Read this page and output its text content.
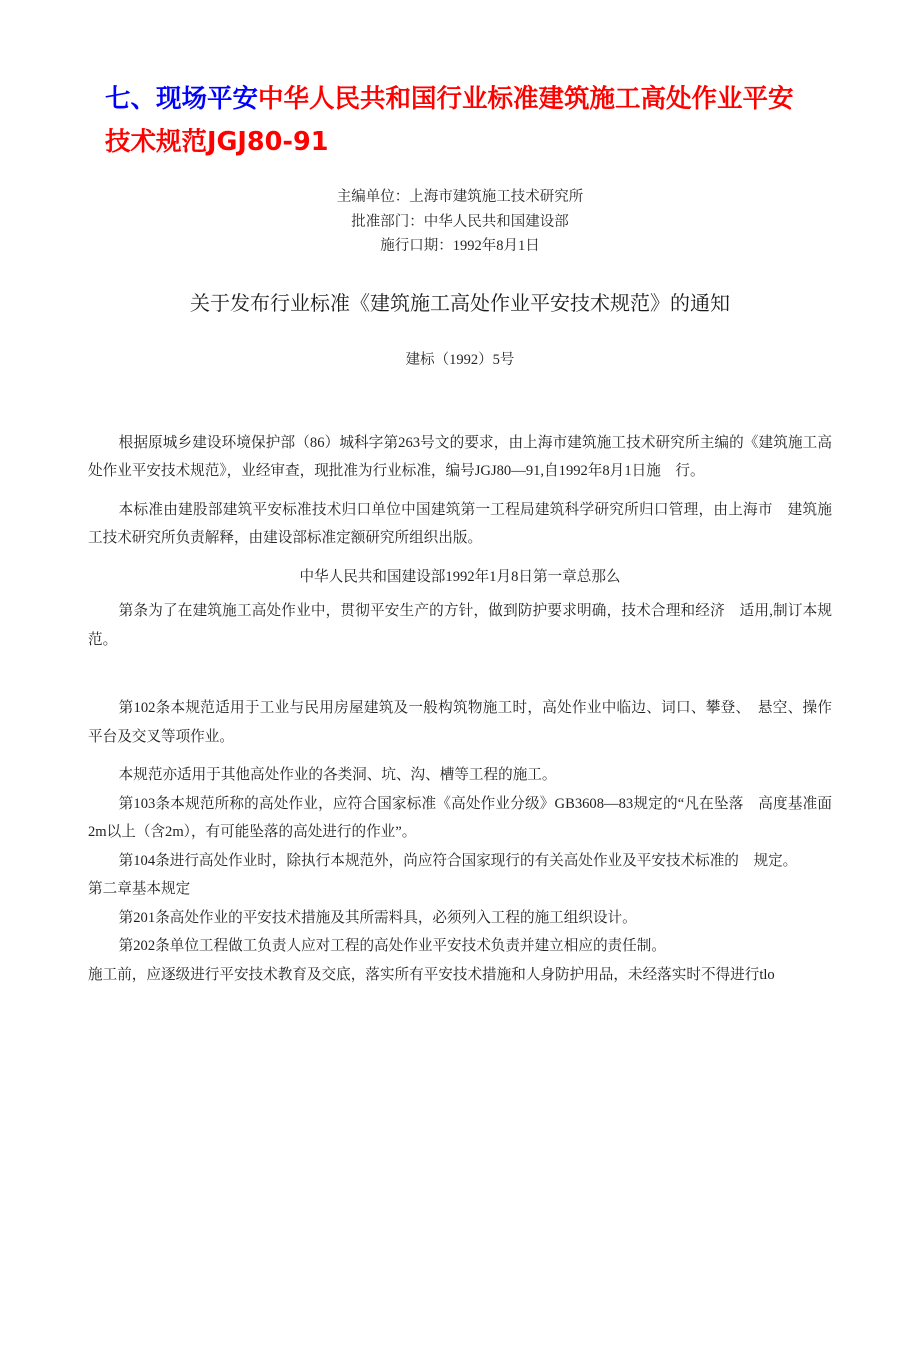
七、现场平安中华人民共和国行业标准建筑施工高处作业平安技术规范JGJ80-91
主编单位：上海市建筑施工技术研究所
批准部门：中华人民共和国建设部
施行口期：1992年8月1日
关于发布行业标准《建筑施工高处作业平安技术规范》的通知
建标（1992）5号

根据原城乡建设环境保护部（86）城科字第263号文的要求，由上海市建筑施工技术研究所主编的《建筑施工高处作业平安技术规范》，业经审查，现批准为行业标准，编号JGJ80—91,自1992年8月1日施　行。

本标准由建股部建筑平安标准技术归口单位中国建筑第一工程局建筑科学研究所归口管理，由上海市　建筑施工技术研究所负责解释，由建设部标准定额研究所组织出版。

中华人民共和国建设部1992年1月8日第一章总那么

第条为了在建筑施工高处作业中，贯彻平安生产的方针，做到防护要求明确，技术合理和经济　适用,制订本规范。

第102条本规范适用于工业与民用房屋建筑及一般构筑物施工时，高处作业中临边、词口、攀登、　悬空、操作平台及交叉等项作业。

本规范亦适用于其他高处作业的各类洞、坑、沟、槽等工程的施工。

第103条本规范所称的高处作业，应符合国家标准《高处作业分级》GB3608—83规定的“凡在坠落　高度基准面2m以上（含2m），有可能坠落的高处进行的作业”。

第104条进行高处作业时，除执行本规范外，尚应符合国家现行的有关高处作业及平安技术标准的　规定。

第二章基本规定

第201条高处作业的平安技术措施及其所需料具，必须列入工程的施工组织设计。

第202条单位工程做工负责人应对工程的高处作业平安技术负责并建立相应的责任制。

施工前，应逐级进行平安技术教育及交底，落实所有平安技术措施和人身防护用品，未经落实时不得进行tlo
